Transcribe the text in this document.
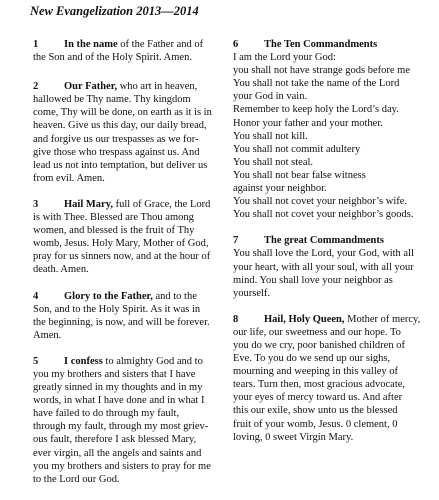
New Evangelization 2013—2014
1 In the name of the Father and of
the Son and of the Holy Spirit. Amen.
2 Our Father, who art in heaven,
hallowed be Thy name. Thy kingdom
come, Thy will be done, on earth as it is in
heaven. Give us this day, our daily bread,
and forgive us our trespasses as we for-
give those who trespass against us. And
lead us not into temptation, but deliver us
from evil. Amen.
3 Hail Mary, full of Grace, the Lord
is with Thee. Blessed are Thou among
women, and blessed is the fruit of Thy
womb, Jesus. Holy Mary, Mother of God,
pray for us sinners now, and at the hour of
death. Amen.
4 Glory to the Father, and to the
Son, and to the Holy Spirit. As it was in
the beginning, is now, and will be forever.
Amen.
5 I confess to almighty God and to
you my brothers and sisters that I have
greatly sinned in my thoughts and in my
words, in what I have done and in what I
have failed to do through my fault,
through my fault, through my most griev-
ous fault, therefore I ask blessed Mary,
ever virgin, all the angels and saints and
you my brothers and sisters to pray for me
to the Lord our God.
6 The Ten Commandments
I am the Lord your God:
you shall not have strange gods before me
You shall not take the name of the Lord
your God in vain.
Remember to keep holy the Lord’s day.
Honor your father and your mother.
You shall not kill.
You shall not commit adultery
You shall not steal.
You shall not bear false witness
against your neighbor.
You shall not covet your neighbor’s wife.
You shall not covet your neighbor’s goods.
7 The great Commandments
You shall love the Lord, your God, with all
your heart, with all your soul, with all your
mind. You shall love your neighbor as
yourself.
8 Hail, Holy Queen, Mother of mercy,
our life, our sweetness and our hope. To
you do we cry, poor banished children of
Eve. To you do we send up our sighs,
mourning and weeping in this valley of
tears. Turn then, most gracious advocate,
your eyes of mercy toward us. And after
this our exile, show unto us the blessed
fruit of your womb, Jesus. 0 clement, 0
loving, 0 sweet Virgin Mary.
